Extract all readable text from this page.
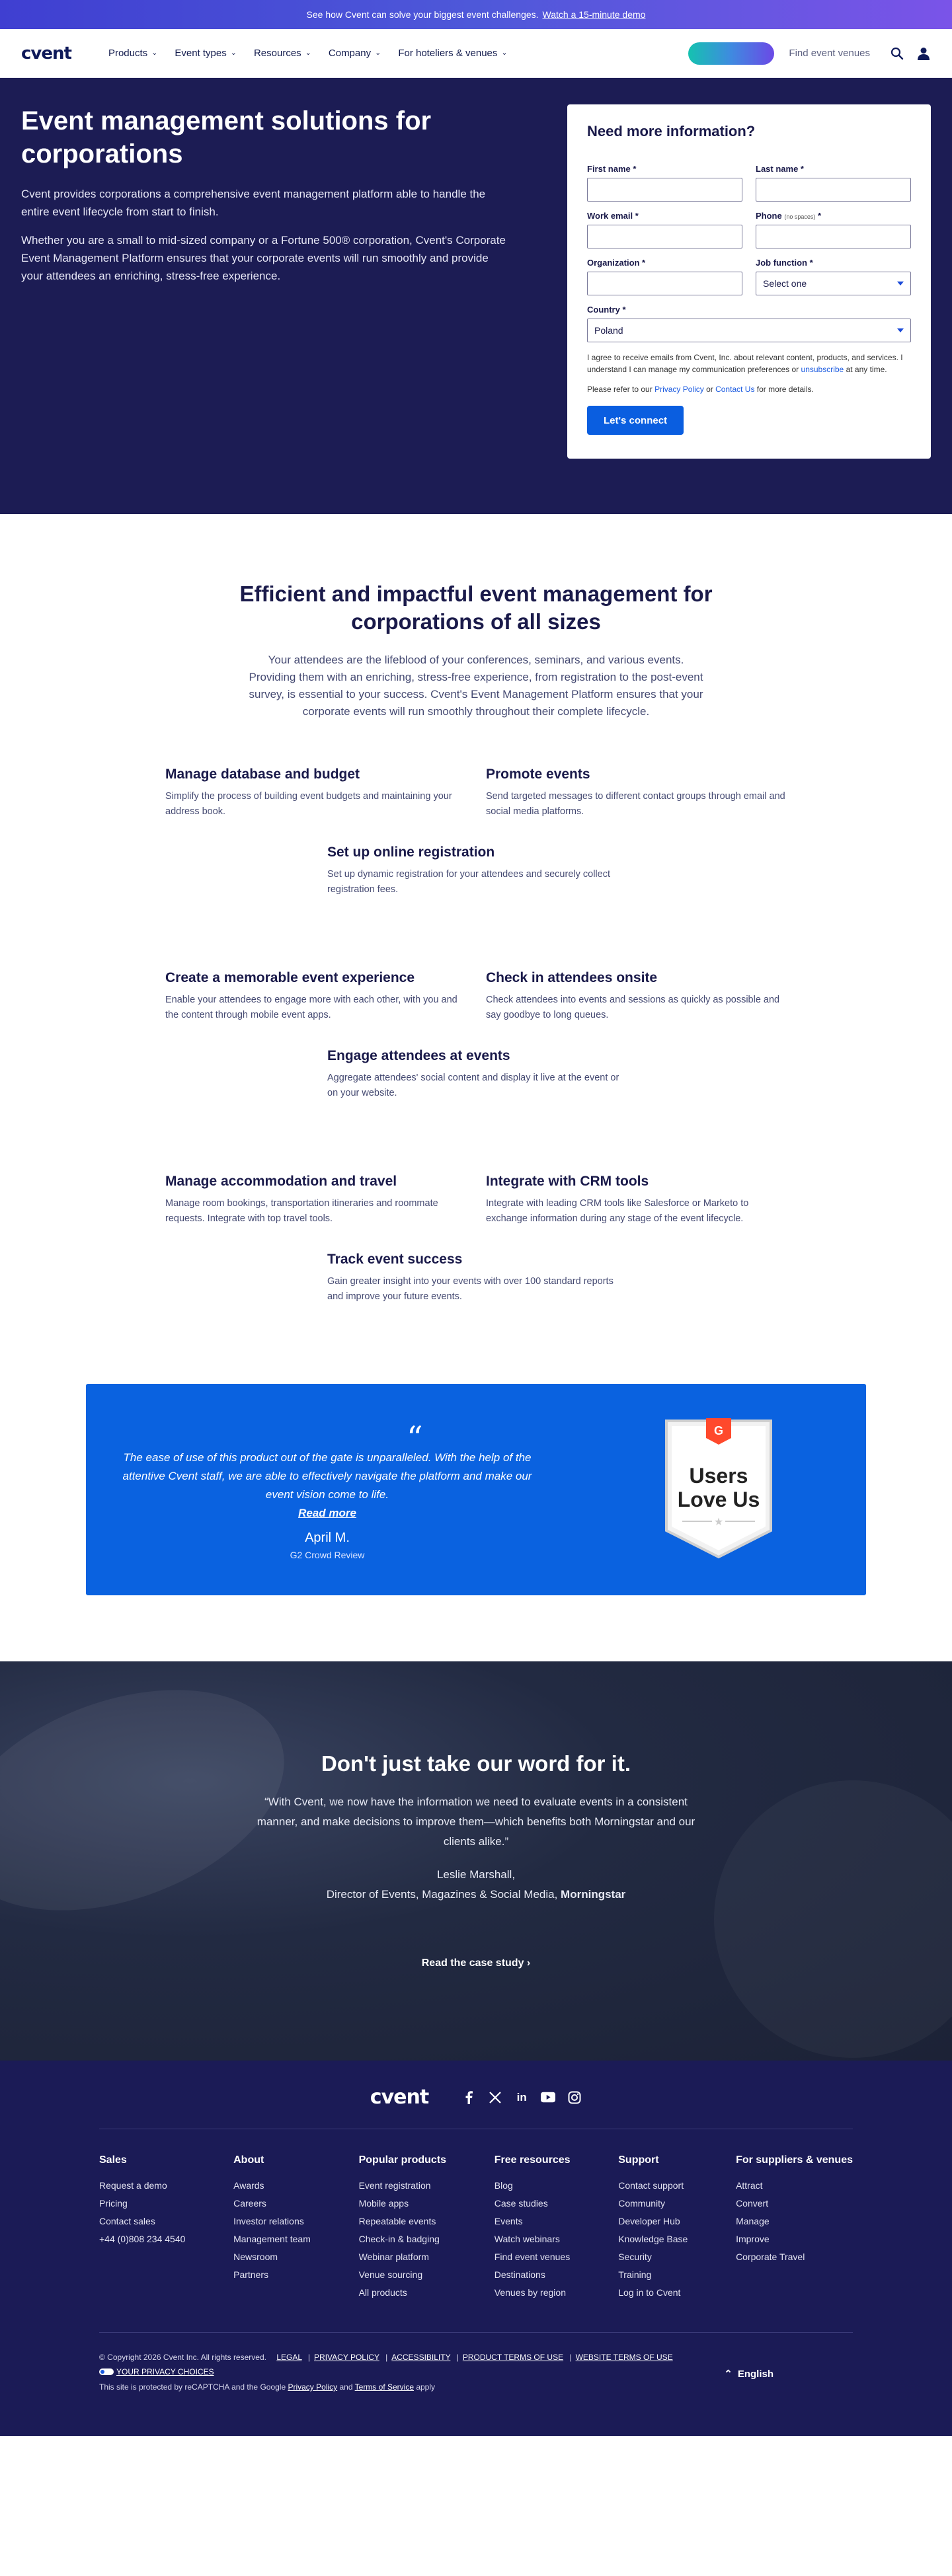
See how Cvent can solve your biggest event challenges. Watch a 15-minute demo
cvent	Products ⌄ Event types ⌄ Resources ⌄ Company ⌄ For hoteliers & venues ⌄	Find event venues
Event management solutions for corporations

Cvent provides corporations a comprehensive event management platform able to handle the entire event lifecycle from start to finish.

Whether you are a small to mid-sized company or a Fortune 500® corporation, Cvent's Corporate Event Management Platform ensures that your corporate events will run smoothly and provide your attendees an enriching, stress-free experience.

Need more information?
First name *	Last name *
Work email *	Phone (no spaces) *
Organization *	Job function *
Select one
Country *
Poland

I agree to receive emails from Cvent, Inc. about relevant content, products, and services. I understand I can manage my communication preferences or unsubscribe at any time.

Please refer to our Privacy Policy or Contact Us for more details.

Let's connect
Efficient and impactful event management for corporations of all sizes

Your attendees are the lifeblood of your conferences, seminars, and various events. Providing them with an enriching, stress-free experience, from registration to the post-event survey, is essential to your success. Cvent's Event Management Platform ensures that your corporate events will run smoothly throughout their complete lifecycle.

Manage database and budget

Simplify the process of building event budgets and maintaining your address book.

Promote events

Send targeted messages to different contact groups through email and social media platforms.

Set up online registration

Set up dynamic registration for your attendees and securely collect registration fees.

Create a memorable event experience

Enable your attendees to engage more with each other, with you and the content through mobile event apps.

Check in attendees onsite

Check attendees into events and sessions as quickly as possible and say goodbye to long queues.

Engage attendees at events

Aggregate attendees' social content and display it live at the event or on your website.

Manage accommodation and travel

Manage room bookings, transportation itineraries and roommate requests. Integrate with top travel tools.

Integrate with CRM tools

Integrate with leading CRM tools like Salesforce or Marketo to exchange information during any stage of the event lifecycle.

Track event success

Gain greater insight into your events with over 100 standard reports and improve your future events.

“
The ease of use of this product out of the gate is unparalleled. With the help of the attentive Cvent staff, we are able to effectively navigate the platform and make our event vision come to life.
Read more
April M.
G2 Crowd Review
G
Users
Love Us
★
Don't just take our word for it.

“With Cvent, we now have the information we need to evaluate events in a consistent manner, and make decisions to improve them—which benefits both Morningstar and our clients alike.”

Leslie Marshall,
Director of Events, Magazines & Social Media, Morningstar
Read the case study ›
cvent	in
Sales
Request a demo
Pricing
Contact sales
+44 (0)808 234 4540
About
Awards
Careers
Investor relations
Management team
Newsroom
Partners
Popular products
Event registration
Mobile apps
Repeatable events
Check-in & badging
Webinar platform
Venue sourcing
All products
Free resources
Blog
Case studies
Events
Watch webinars
Find event venues
Destinations
Venues by region
Support
Contact support
Community
Developer Hub
Knowledge Base
Security
Training
Log in to Cvent
For suppliers & venues
Attract
Convert
Manage
Improve
Corporate Travel
© Copyright 2026 Cvent Inc. All rights reserved. LEGAL | PRIVACY POLICY | ACCESSIBILITY | PRODUCT TERMS OF USE | WEBSITE TERMS OF USE
YOUR PRIVACY CHOICES
This site is protected by reCAPTCHA and the Google Privacy Policy and Terms of Service apply
⌃ English
